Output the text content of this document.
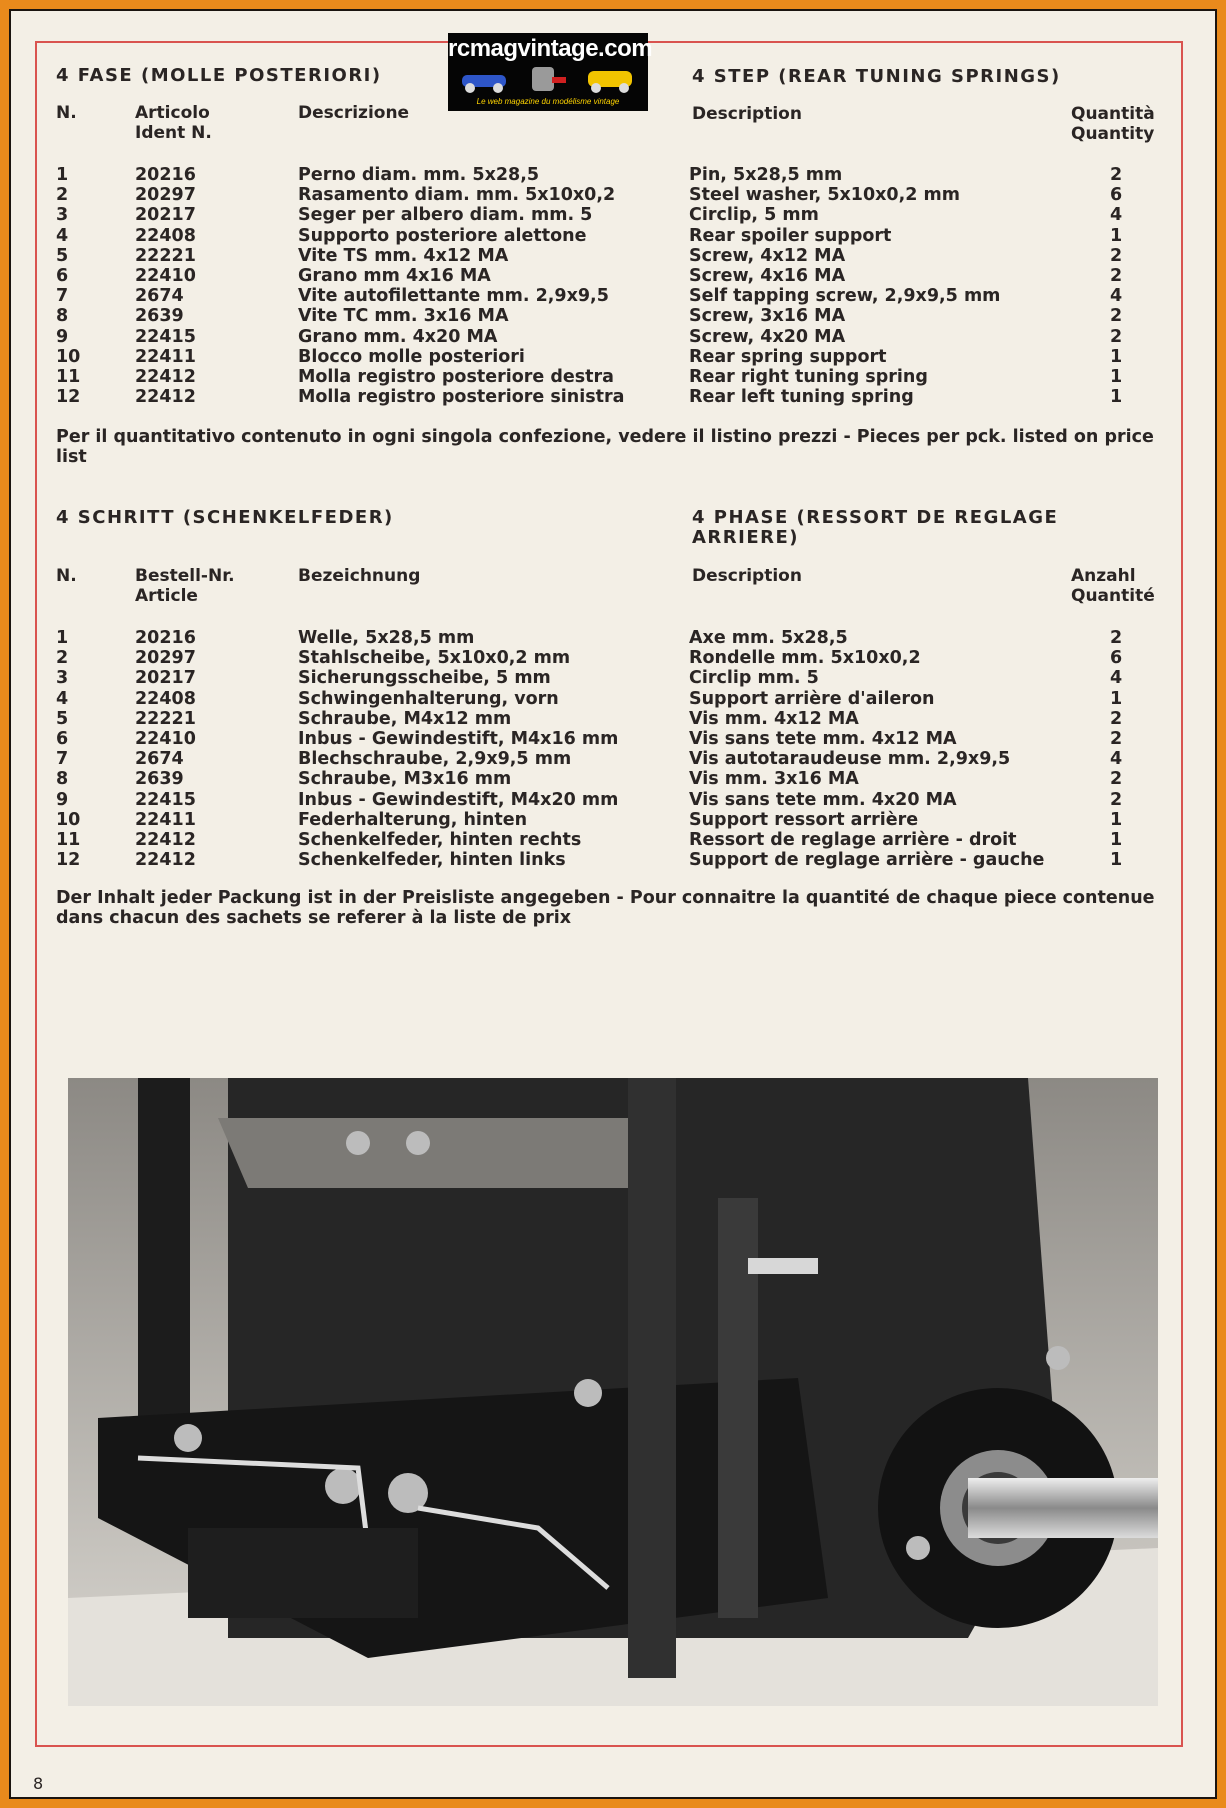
rcmagvintage.com
Le web magazine du modélisme vintage
4 FASE (MOLLE POSTERIORI)	4 STEP (REAR TUNING SPRINGS)
N.	Articolo
Ident N.
Descrizione	Description	Quantità
Quantity
1	20216	Perno diam. mm. 5x28,5	Pin, 5x28,5 mm	2
2	20297	Rasamento diam. mm. 5x10x0,2	Steel washer, 5x10x0,2 mm	6
3	20217	Seger per albero diam. mm. 5	Circlip, 5 mm	4
4	22408	Supporto posteriore alettone	Rear spoiler support	1
5	22221	Vite TS mm. 4x12 MA	Screw, 4x12 MA	2
6	22410	Grano mm 4x16 MA	Screw, 4x16 MA	2
7	2674	Vite autofilettante mm. 2,9x9,5	Self tapping screw, 2,9x9,5 mm	4
8	2639	Vite TC mm. 3x16 MA	Screw, 3x16 MA	2
9	22415	Grano mm. 4x20 MA	Screw, 4x20 MA	2
10	22411	Blocco molle posteriori	Rear spring support	1
11	22412	Molla registro posteriore destra	Rear right tuning spring	1
12	22412	Molla registro posteriore sinistra	Rear left tuning spring	1
Per il quantitativo contenuto in ogni singola confezione, vedere il listino prezzi - Pieces per pck. listed on price list
4 SCHRITT (SCHENKELFEDER)	4 PHASE (RESSORT DE REGLAGE
ARRIERE)
N.	Bestell-Nr.
Article
Bezeichnung	Description	Anzahl
Quantité
1	20216	Welle, 5x28,5 mm	Axe mm. 5x28,5	2
2	20297	Stahlscheibe, 5x10x0,2 mm	Rondelle mm. 5x10x0,2	6
3	20217	Sicherungsscheibe, 5 mm	Circlip mm. 5	4
4	22408	Schwingenhalterung, vorn	Support arrière d'aileron	1
5	22221	Schraube, M4x12 mm	Vis mm. 4x12 MA	2
6	22410	Inbus - Gewindestift, M4x16 mm	Vis sans tete mm. 4x12 MA	2
7	2674	Blechschraube, 2,9x9,5 mm	Vis autotaraudeuse mm. 2,9x9,5	4
8	2639	Schraube, M3x16 mm	Vis mm. 3x16 MA	2
9	22415	Inbus - Gewindestift, M4x20 mm	Vis sans tete mm. 4x20 MA	2
10	22411	Federhalterung, hinten	Support ressort arrière	1
11	22412	Schenkelfeder, hinten rechts	Ressort de reglage arrière - droit	1
12	22412	Schenkelfeder, hinten links	Support de reglage arrière - gauche	1
Der Inhalt jeder Packung ist in der Preisliste angegeben - Pour connaitre la quantité de chaque piece contenue dans chacun des sachets se referer à la liste de prix
8
